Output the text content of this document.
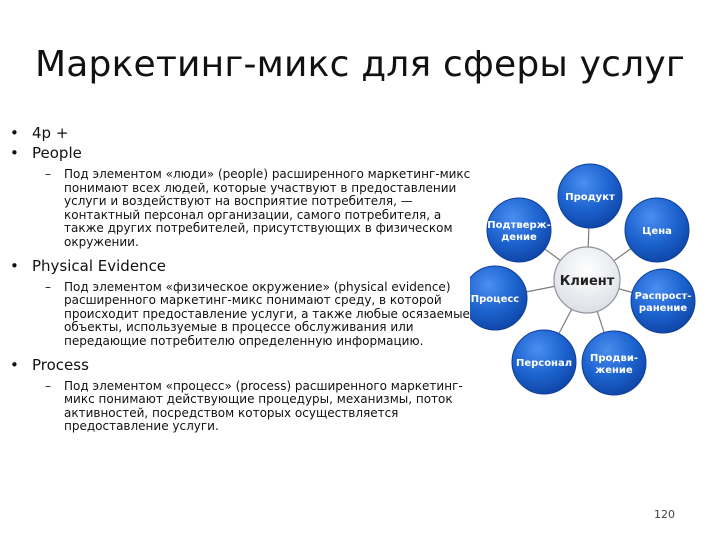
Маркетинг-микс для сферы услуг
• 4р +
• People
–	Под элементом «люди» (people) расширенного маркетинг-микс понимают всех людей, которые участвуют в предоставлении услуги и воздействуют на восприятие потребителя, — контактный персонал организации, самого потребителя, а также других потребителей, присутствующих в физическом окружении.
• Physical Evidence
–	Под элементом «физическое окружение» (physical evidence) расширенного маркетинг-микс понимают среду, в которой происходит предоставление услуги, а также любые осязаемые объекты, используемые в процессе обслуживания или передающие потребителю определенную информацию.
• Process
–	Под элементом «процесс» (process) расширенного маркетинг-микс понимают действующие процедуры, механизмы, поток активностей, посредством которых осуществляется предоставление услуги.
Продукт
Цена
Распрост-
ранение
Продви-
жение
Персонал
Процесс
Подтверж-
дение
Клиент
120
